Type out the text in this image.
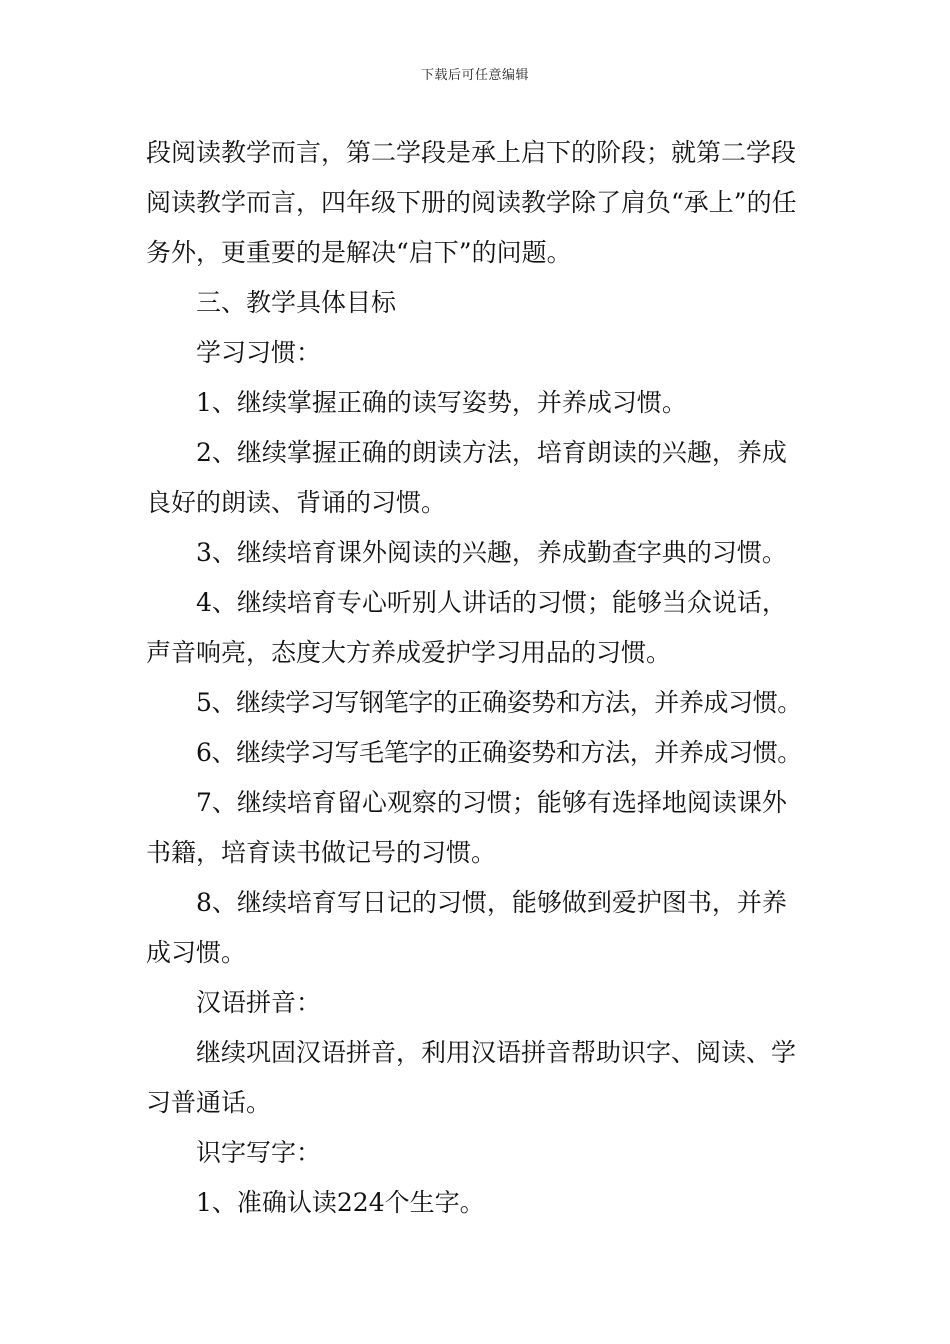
下载后可任意编辑

段阅读教学而言，第二学段是承上启下的阶段；就第二学段阅读教学而言，四年级下册的阅读教学除了肩负“承上”的任务外，更重要的是解决“启下”的问题。

三、教学具体目标

学习习惯：

1、继续掌握正确的读写姿势，并养成习惯。

2、继续掌握正确的朗读方法，培育朗读的兴趣，养成良好的朗读、背诵的习惯。

3、继续培育课外阅读的兴趣，养成勤查字典的习惯。

4、继续培育专心听别人讲话的习惯；能够当众说话，声音响亮，态度大方养成爱护学习用品的习惯。

5、继续学习写钢笔字的正确姿势和方法，并养成习惯。

6、继续学习写毛笔字的正确姿势和方法，并养成习惯。

7、继续培育留心观察的习惯；能够有选择地阅读课外书籍，培育读书做记号的习惯。

8、继续培育写日记的习惯，能够做到爱护图书，并养成习惯。

汉语拼音：

继续巩固汉语拼音，利用汉语拼音帮助识字、阅读、学习普通话。

识字写字：

1、准确认读224个生字。
